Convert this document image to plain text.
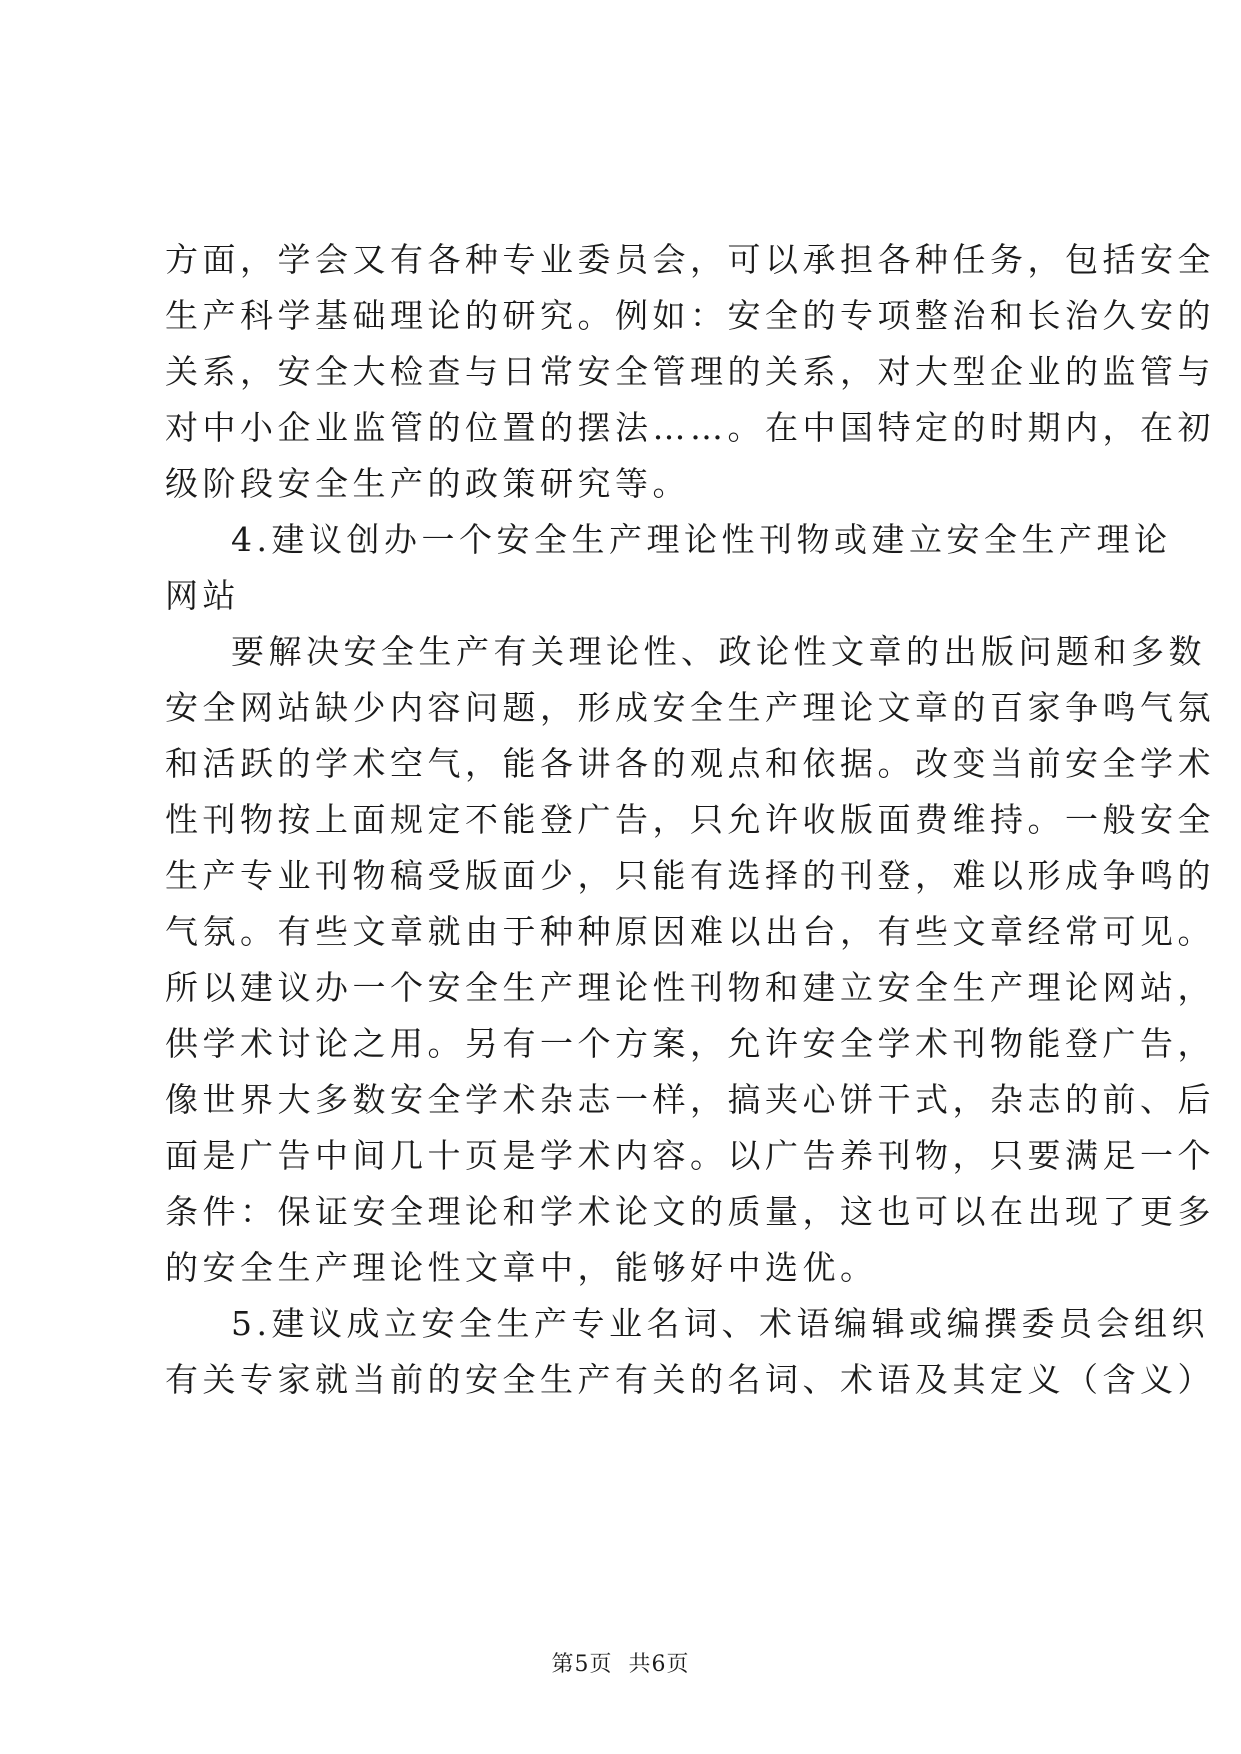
方面，学会又有各种专业委员会，可以承担各种任务，包括安全
生产科学基础理论的研究。例如：安全的专项整治和长治久安的
关系，安全大检查与日常安全管理的关系，对大型企业的监管与
对中小企业监管的位置的摆法……。在中国特定的时期内，在初
级阶段安全生产的政策研究等。
4.建议创办一个安全生产理论性刊物或建立安全生产理论
网站
要解决安全生产有关理论性、政论性文章的出版问题和多数
安全网站缺少内容问题，形成安全生产理论文章的百家争鸣气氛
和活跃的学术空气，能各讲各的观点和依据。改变当前安全学术
性刊物按上面规定不能登广告，只允许收版面费维持。一般安全
生产专业刊物稿受版面少，只能有选择的刊登，难以形成争鸣的
气氛。有些文章就由于种种原因难以出台，有些文章经常可见。
所以建议办一个安全生产理论性刊物和建立安全生产理论网站，
供学术讨论之用。另有一个方案，允许安全学术刊物能登广告，
像世界大多数安全学术杂志一样，搞夹心饼干式，杂志的前、后
面是广告中间几十页是学术内容。以广告养刊物，只要满足一个
条件：保证安全理论和学术论文的质量，这也可以在出现了更多
的安全生产理论性文章中，能够好中选优。
5.建议成立安全生产专业名词、术语编辑或编撰委员会组织
有关专家就当前的安全生产有关的名词、术语及其定义（含义）
第5页 共6页
